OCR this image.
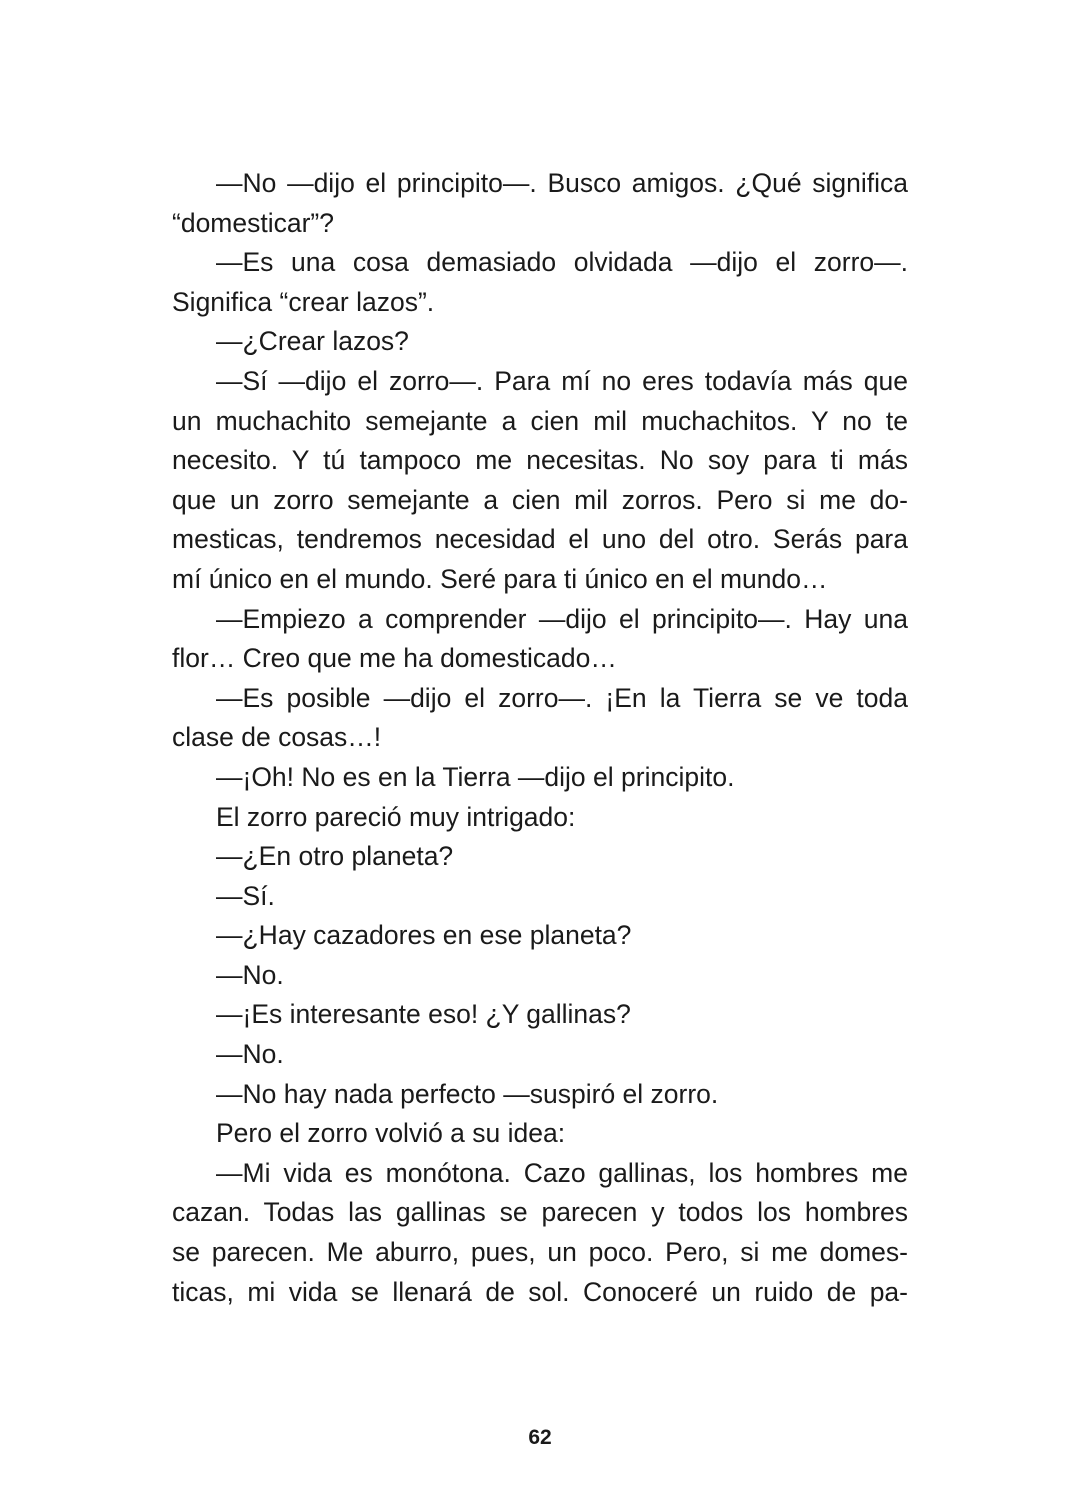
—No —dijo el principito—. Busco amigos. ¿Qué significa
“domesticar”?
—Es una cosa demasiado olvidada —dijo el zorro—.
Significa “crear lazos”.
—¿Crear lazos?
—Sí —dijo el zorro—. Para mí no eres todavía más que
un muchachito semejante a cien mil muchachitos. Y no te
necesito. Y tú tampoco me necesitas. No soy para ti más
que un zorro semejante a cien mil zorros. Pero si me do-
mesticas, tendremos necesidad el uno del otro. Serás para
mí único en el mundo. Seré para ti único en el mundo…
—Empiezo a comprender —dijo el principito—. Hay una
flor… Creo que me ha domesticado…
—Es posible —dijo el zorro—. ¡En la Tierra se ve toda
clase de cosas…!
—¡Oh! No es en la Tierra —dijo el principito.
El zorro pareció muy intrigado:
—¿En otro planeta?
—Sí.
—¿Hay cazadores en ese planeta?
—No.
—¡Es interesante eso! ¿Y gallinas?
—No.
—No hay nada perfecto —suspiró el zorro.
Pero el zorro volvió a su idea:
—Mi vida es monótona. Cazo gallinas, los hombres me
cazan. Todas las gallinas se parecen y todos los hombres
se parecen. Me aburro, pues, un poco. Pero, si me domes-
ticas, mi vida se llenará de sol. Conoceré un ruido de pa-
62
